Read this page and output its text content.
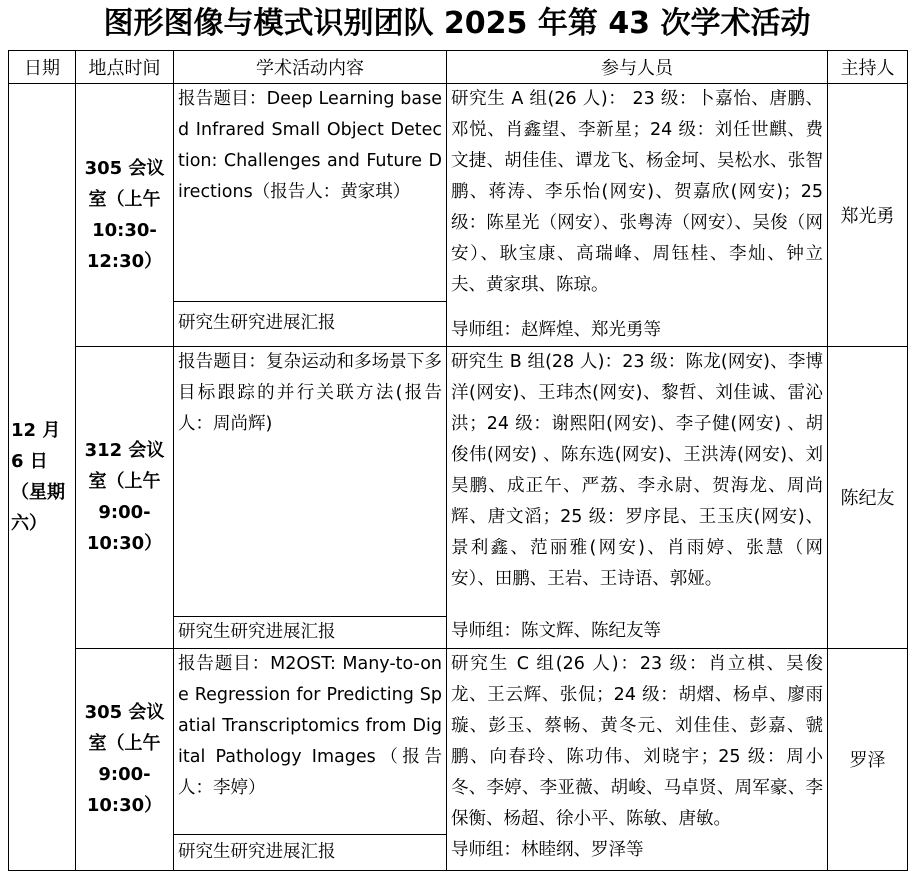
图形图像与模式识别团队 2025 年第 43 次学术活动
日期	地点时间	学术活动内容	参与人员	主持人
12 月 6 日（星期六）	305 会议室（上午 10:30-12:30）	报告题目：Deep Learning based Infrared Small Object Detection: Challenges and Future Directions（报告人：黄家琪）	研究生 A 组(26 人)： 23 级：卜嘉怡、唐鹏、邓悦、肖鑫望、李新星；24 级：刘任世麒、费文捷、胡佳佳、谭龙飞、杨金坷、吴松水、张智鹏、蒋涛、李乐怡(网安)、贺嘉欣(网安)；25 级：陈星光（网安）、张粤涛（网安）、吴俊（网安）、耿宝康、高瑞峰、周钰桂、李灿、钟立夫、黄家琪、陈琼。	郑光勇
		研究生研究进展汇报	导师组：赵辉煌、郑光勇等	
	312 会议室（上午 9:00-10:30）	报告题目：复杂运动和多场景下多目标跟踪的并行关联方法(报告人：周尚辉)	研究生 B 组(28 人)：23 级：陈龙(网安)、李博洋(网安)、王玮杰(网安)、黎哲、刘佳诚、雷沁洪；24 级：谢熙阳(网安)、李子健(网安) 、胡俊伟(网安) 、陈东选(网安)、王洪涛(网安)、刘昊鹏、成正午、严荔、李永尉、贺海龙、周尚辉、唐文滔；25 级：罗序昆、王玉庆(网安)、景利鑫、范丽雅(网安)、肖雨婷、张慧（网安）、田鹏、王岩、王诗语、郭娅。	陈纪友
		研究生研究进展汇报	导师组：陈文辉、陈纪友等	
	305 会议室（上午 9:00-10:30）	报告题目：M2OST: Many-to-one Regression for Predicting Spatial Transcriptomics from Digital Pathology Images（报告人：李婷）	研究生 C 组(26 人)：23 级：肖立棋、吴俊龙、王云辉、张侃；24 级：胡熠、杨卓、廖雨璇、彭玉、蔡畅、黄冬元、刘佳佳、彭嘉、虢鹏、向春玲、陈功伟、刘晓宇；25 级：周小冬、李婷、李亚薇、胡峻、马卓贤、周军豪、李保衡、杨超、徐小平、陈敏、唐敏。	罗泽
		研究生研究进展汇报	导师组：林睦纲、罗泽等	
